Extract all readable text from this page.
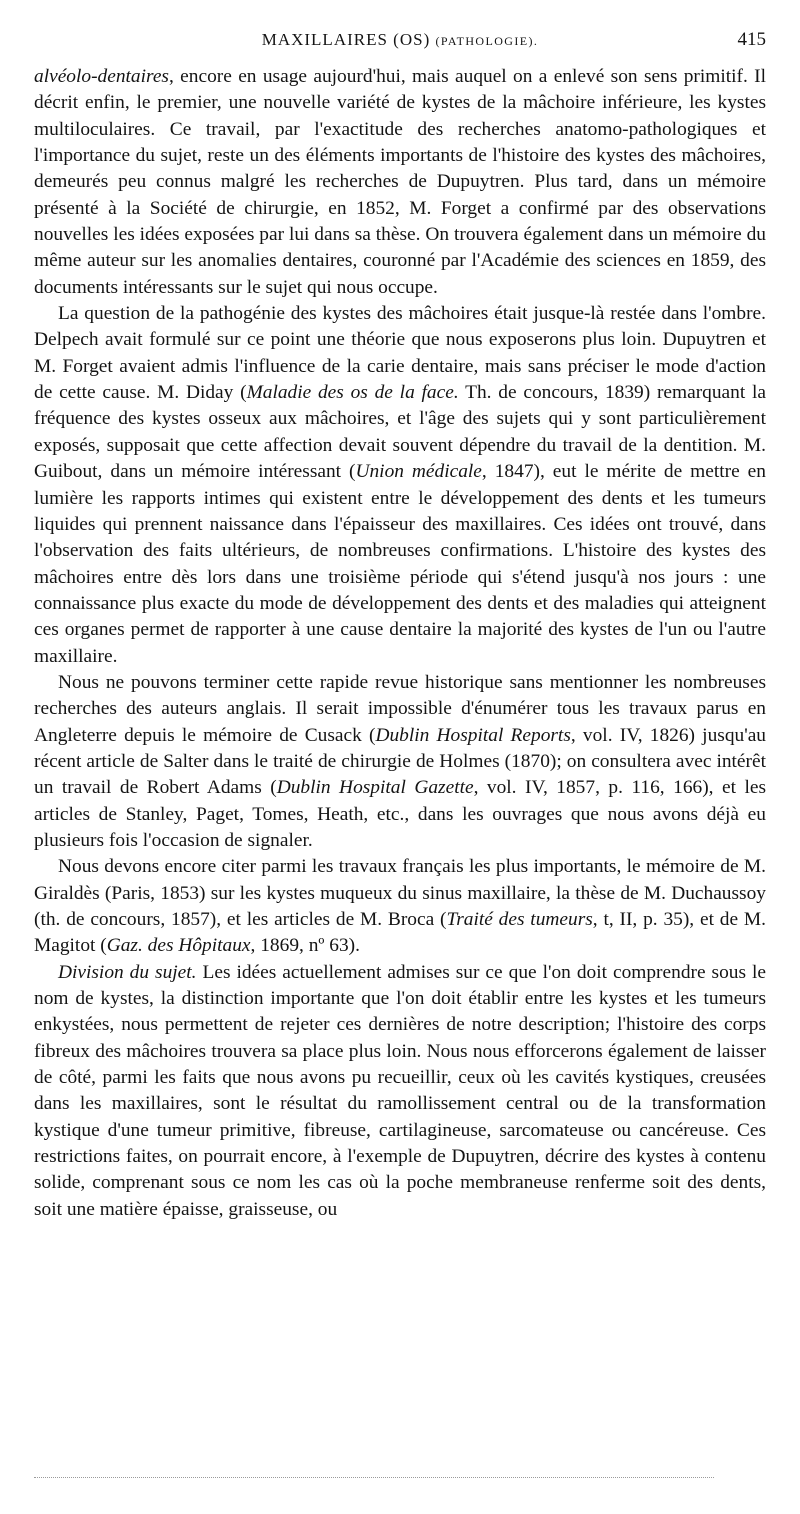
MAXILLAIRES (OS) (PATHOLOGIE).	415

alvéolo-dentaires, encore en usage aujourd'hui, mais auquel on a enlevé son sens primitif. Il décrit enfin, le premier, une nouvelle variété de kystes de la mâchoire inférieure, les kystes multiloculaires. Ce travail, par l'exactitude des recherches anatomo-pathologiques et l'importance du sujet, reste un des éléments importants de l'histoire des kystes des mâchoires, demeurés peu connus malgré les recherches de Dupuytren. Plus tard, dans un mémoire présenté à la Société de chirurgie, en 1852, M. Forget a confirmé par des observations nouvelles les idées exposées par lui dans sa thèse. On trouvera également dans un mémoire du même auteur sur les anomalies dentaires, couronné par l'Académie des sciences en 1859, des documents intéressants sur le sujet qui nous occupe.

La question de la pathogénie des kystes des mâchoires était jusque-là restée dans l'ombre. Delpech avait formulé sur ce point une théorie que nous exposerons plus loin. Dupuytren et M. Forget avaient admis l'influence de la carie dentaire, mais sans préciser le mode d'action de cette cause. M. Diday (Maladie des os de la face. Th. de concours, 1839) remarquant la fréquence des kystes osseux aux mâchoires, et l'âge des sujets qui y sont particulièrement exposés, supposait que cette affection devait souvent dépendre du travail de la dentition. M. Guibout, dans un mémoire intéressant (Union médicale, 1847), eut le mérite de mettre en lumière les rapports intimes qui existent entre le développement des dents et les tumeurs liquides qui prennent naissance dans l'épaisseur des maxillaires. Ces idées ont trouvé, dans l'observation des faits ultérieurs, de nombreuses confirmations. L'histoire des kystes des mâchoires entre dès lors dans une troisième période qui s'étend jusqu'à nos jours : une connaissance plus exacte du mode de développement des dents et des maladies qui atteignent ces organes permet de rapporter à une cause dentaire la majorité des kystes de l'un ou l'autre maxillaire.

Nous ne pouvons terminer cette rapide revue historique sans mentionner les nombreuses recherches des auteurs anglais. Il serait impossible d'énumérer tous les travaux parus en Angleterre depuis le mémoire de Cusack (Dublin Hospital Reports, vol. IV, 1826) jusqu'au récent article de Salter dans le traité de chirurgie de Holmes (1870); on consultera avec intérêt un travail de Robert Adams (Dublin Hospital Gazette, vol. IV, 1857, p. 116, 166), et les articles de Stanley, Paget, Tomes, Heath, etc., dans les ouvrages que nous avons déjà eu plusieurs fois l'occasion de signaler.

Nous devons encore citer parmi les travaux français les plus importants, le mémoire de M. Giraldès (Paris, 1853) sur les kystes muqueux du sinus maxillaire, la thèse de M. Duchaussoy (th. de concours, 1857), et les articles de M. Broca (Traité des tumeurs, t, II, p. 35), et de M. Magitot (Gaz. des Hôpitaux, 1869, nº 63).

Division du sujet. Les idées actuellement admises sur ce que l'on doit comprendre sous le nom de kystes, la distinction importante que l'on doit établir entre les kystes et les tumeurs enkystées, nous permettent de rejeter ces dernières de notre description; l'histoire des corps fibreux des mâchoires trouvera sa place plus loin. Nous nous efforcerons également de laisser de côté, parmi les faits que nous avons pu recueillir, ceux où les cavités kystiques, creusées dans les maxillaires, sont le résultat du ramollissement central ou de la transformation kystique d'une tumeur primitive, fibreuse, cartilagineuse, sarcomateuse ou cancéreuse. Ces restrictions faites, on pourrait encore, à l'exemple de Dupuytren, décrire des kystes à contenu solide, comprenant sous ce nom les cas où la poche membraneuse renferme soit des dents, soit une matière épaisse, graisseuse, ou
